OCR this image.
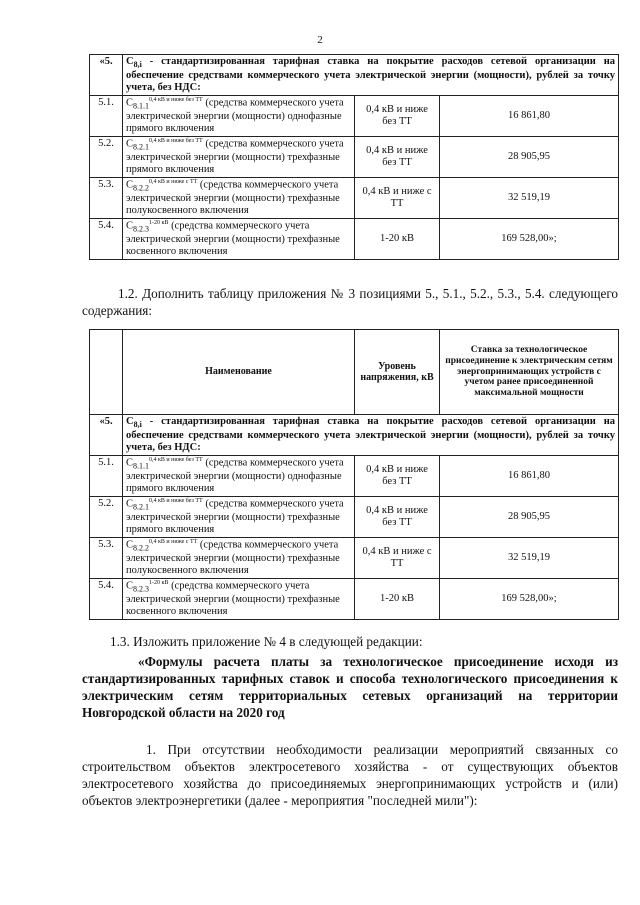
2
«5.	$C_{8,i}$ - стандартизированная тарифная ставка на покрытие расходов сетевой организации на обеспечение средствами коммерческого учета электрической энергии (мощности), рублей за точку учета, без НДС:		
5.1.	$C_{8.1.1}^{0,4 кВ и ниже без ТТ}$ (средства коммерческого учета электрической энергии (мощности) однофазные прямого включения	0,4 кВ и ниже без ТТ	16 861,80
5.2.	$C_{8.2.1}^{0,4 кВ и ниже без ТТ}$ (средства коммерческого учета электрической энергии (мощности) трехфазные прямого включения	0,4 кВ и ниже без ТТ	28 905,95
5.3.	$C_{8.2.2}^{0,4 кВ и ниже с ТТ}$ (средства коммерческого учета электрической энергии (мощности) трехфазные полукосвенного включения	0,4 кВ и ниже с ТТ	32 519,19
5.4.	$C_{8.2.3}^{1-20 кВ}$ (средства коммерческого учета электрической энергии (мощности) трехфазные косвенного включения	1-20 кВ	169 528,00»;
1.2. Дополнить таблицу приложения № 3 позициями 5., 5.1., 5.2., 5.3., 5.4. следующего содержания:
	Наименование	Уровень напряжения, кВ	Ставка за технологическое присоединение к электрическим сетям энергопринимающих устройств с учетом ранее присоединенной максимальной мощности
«5.	$C_{8,i}$ - стандартизированная тарифная ставка на покрытие расходов сетевой организации на обеспечение средствами коммерческого учета электрической энергии (мощности), рублей за точку учета, без НДС:		
5.1.	$C_{8.1.1}^{0,4 кВ и ниже без ТТ}$ (средства коммерческого учета электрической энергии (мощности) однофазные прямого включения	0,4 кВ и ниже без ТТ	16 861,80
5.2.	$C_{8.2.1}^{0,4 кВ и ниже без ТТ}$ (средства коммерческого учета электрической энергии (мощности) трехфазные прямого включения	0,4 кВ и ниже без ТТ	28 905,95
5.3.	$C_{8.2.2}^{0,4 кВ и ниже с ТТ}$ (средства коммерческого учета электрической энергии (мощности) трехфазные полукосвенного включения	0,4 кВ и ниже с ТТ	32 519,19
5.4.	$C_{8.2.3}^{1-20 кВ}$ (средства коммерческого учета электрической энергии (мощности) трехфазные косвенного включения	1-20 кВ	169 528,00»;
1.3. Изложить приложение № 4 в следующей редакции:
«Формулы расчета платы за технологическое присоединение исходя из стандартизированных тарифных ставок и способа технологического присоединения к электрическим сетям территориальных сетевых организаций на территории Новгородской области на 2020 год
1. При отсутствии необходимости реализации мероприятий связанных со строительством объектов электросетевого хозяйства - от существующих объектов электросетевого хозяйства до присоединяемых энергопринимающих устройств и (или) объектов электроэнергетики (далее - мероприятия "последней мили"):
